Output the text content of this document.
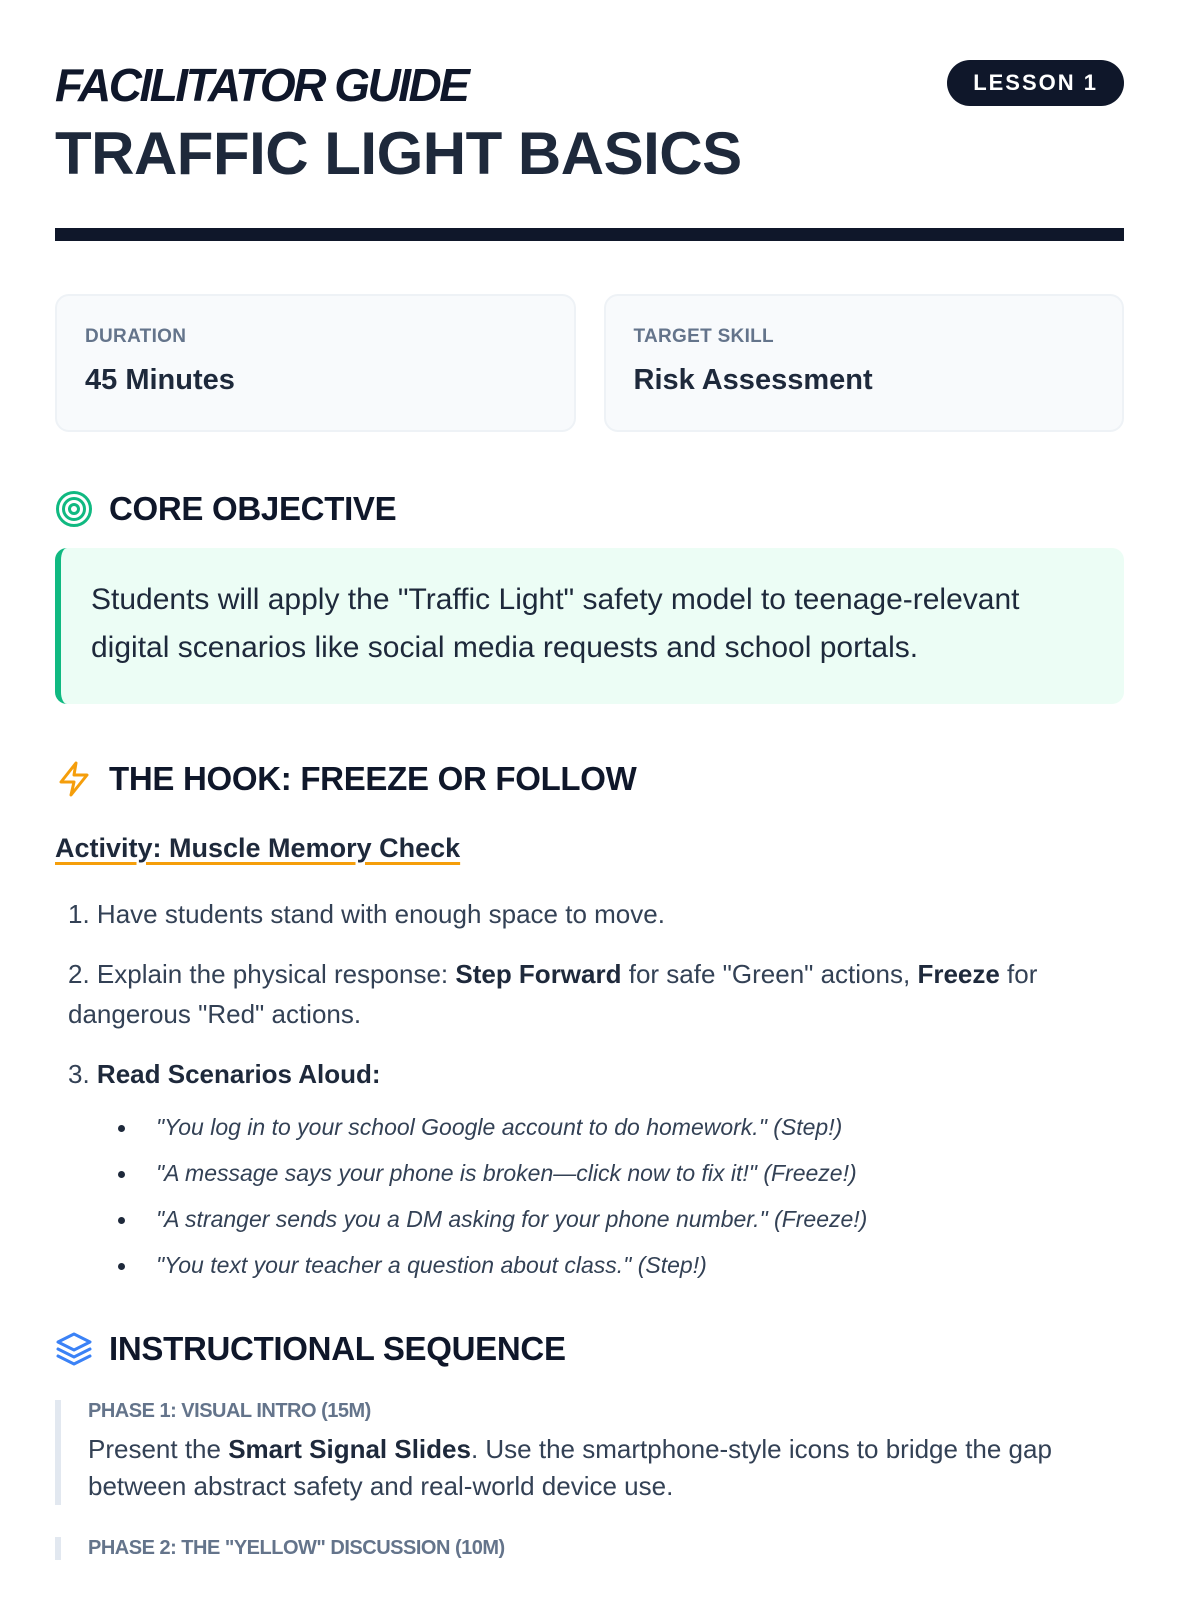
FACILITATOR GUIDE
TRAFFIC LIGHT BASICS
LESSON 1
DURATION
45 Minutes
TARGET SKILL
Risk Assessment
CORE OBJECTIVE
Students will apply the "Traffic Light" safety model to teenage-relevant digital scenarios like social media requests and school portals.
THE HOOK: FREEZE OR FOLLOW
Activity: Muscle Memory Check
1. Have students stand with enough space to move.
2. Explain the physical response: Step Forward for safe "Green" actions, Freeze for dangerous "Red" actions.
3. Read Scenarios Aloud:
"You log in to your school Google account to do homework." (Step!)
"A message says your phone is broken—click now to fix it!" (Freeze!)
"A stranger sends you a DM asking for your phone number." (Freeze!)
"You text your teacher a question about class." (Step!)
INSTRUCTIONAL SEQUENCE
PHASE 1: VISUAL INTRO (15M)
Present the Smart Signal Slides. Use the smartphone-style icons to bridge the gap between abstract safety and real-world device use.
PHASE 2: THE "YELLOW" DISCUSSION (10M)
